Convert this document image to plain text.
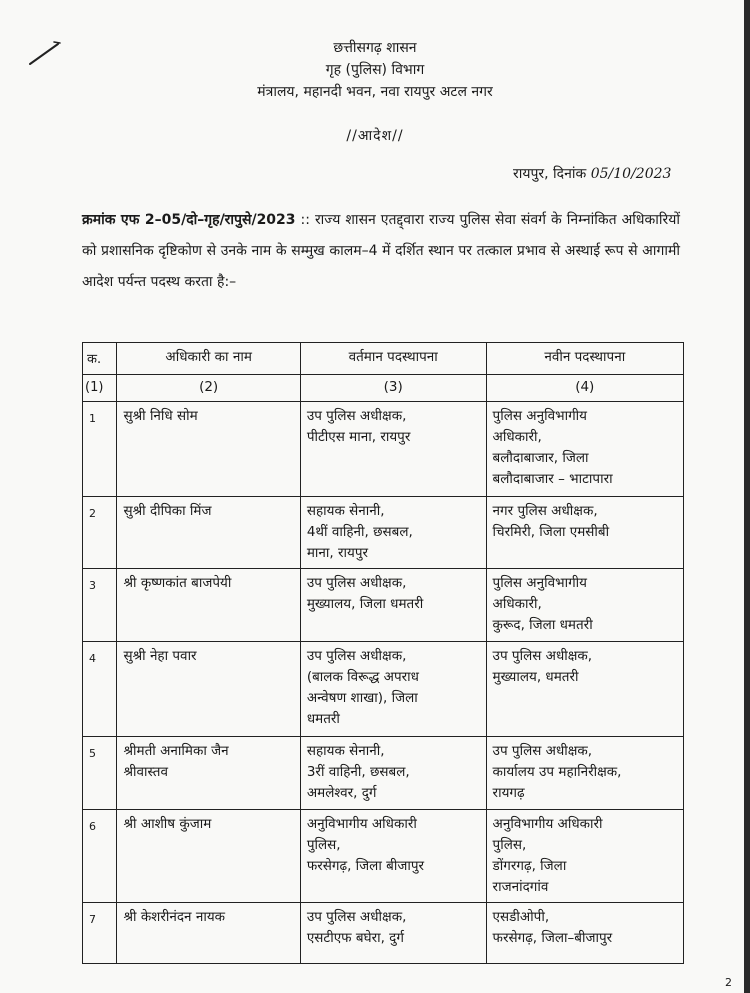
छत्तीसगढ़ शासन
गृह (पुलिस) विभाग
मंत्रालय, महानदी भवन, नवा रायपुर अटल नगर
//आदेश//
रायपुर, दिनांक 05/10/2023
क्रमांक एफ 2–05/दो–गृह/रापुसे/2023 :: राज्य शासन एतद्द्वारा राज्य पुलिस सेवा संवर्ग के निम्नांकित अधिकारियों को प्रशासनिक दृष्टिकोण से उनके नाम के सम्मुख कालम–4 में दर्शित स्थान पर तत्काल प्रभाव से अस्थाई रूप से आगामी आदेश पर्यन्त पदस्थ करता है:–
क.	अधिकारी का नाम	वर्तमान पदस्थापना	नवीन पदस्थापना
(1)	(2)	(3)	(4)
1	सुश्री निधि सोम	उप पुलिस अधीक्षक,
पीटीएस माना, रायपुर	पुलिस अनुविभागीय
अधिकारी,
बलौदाबाजार, जिला
बलौदाबाजार – भाटापारा

2	सुश्री दीपिका मिंज	सहायक सेनानी,
4थीं वाहिनी, छसबल,
माना, रायपुर	नगर पुलिस अधीक्षक,
चिरमिरी, जिला एमसीबी

3	श्री कृष्णकांत बाजपेयी	उप पुलिस अधीक्षक,
मुख्यालय, जिला धमतरी	पुलिस अनुविभागीय
अधिकारी,
कुरूद, जिला धमतरी

4	सुश्री नेहा पवार	उप पुलिस अधीक्षक,
(बालक विरूद्ध अपराध
अन्वेषण शाखा), जिला
धमतरी	उप पुलिस अधीक्षक,
मुख्यालय, धमतरी

5	श्रीमती अनामिका जैन
श्रीवास्तव	सहायक सेनानी,
3रीं वाहिनी, छसबल,
अमलेश्वर, दुर्ग	उप पुलिस अधीक्षक,
कार्यालय उप महानिरीक्षक,
रायगढ़

6	श्री आशीष कुंजाम	अनुविभागीय अधिकारी
पुलिस,
फरसेगढ़, जिला बीजापुर	अनुविभागीय अधिकारी
पुलिस,
डोंगरगढ़, जिला
राजनांदगांव

7	श्री केशरीनंदन नायक	उप पुलिस अधीक्षक,
एसटीएफ बघेरा, दुर्ग	एसडीओपी,
फरसेगढ़, जिला–बीजापुर
2
